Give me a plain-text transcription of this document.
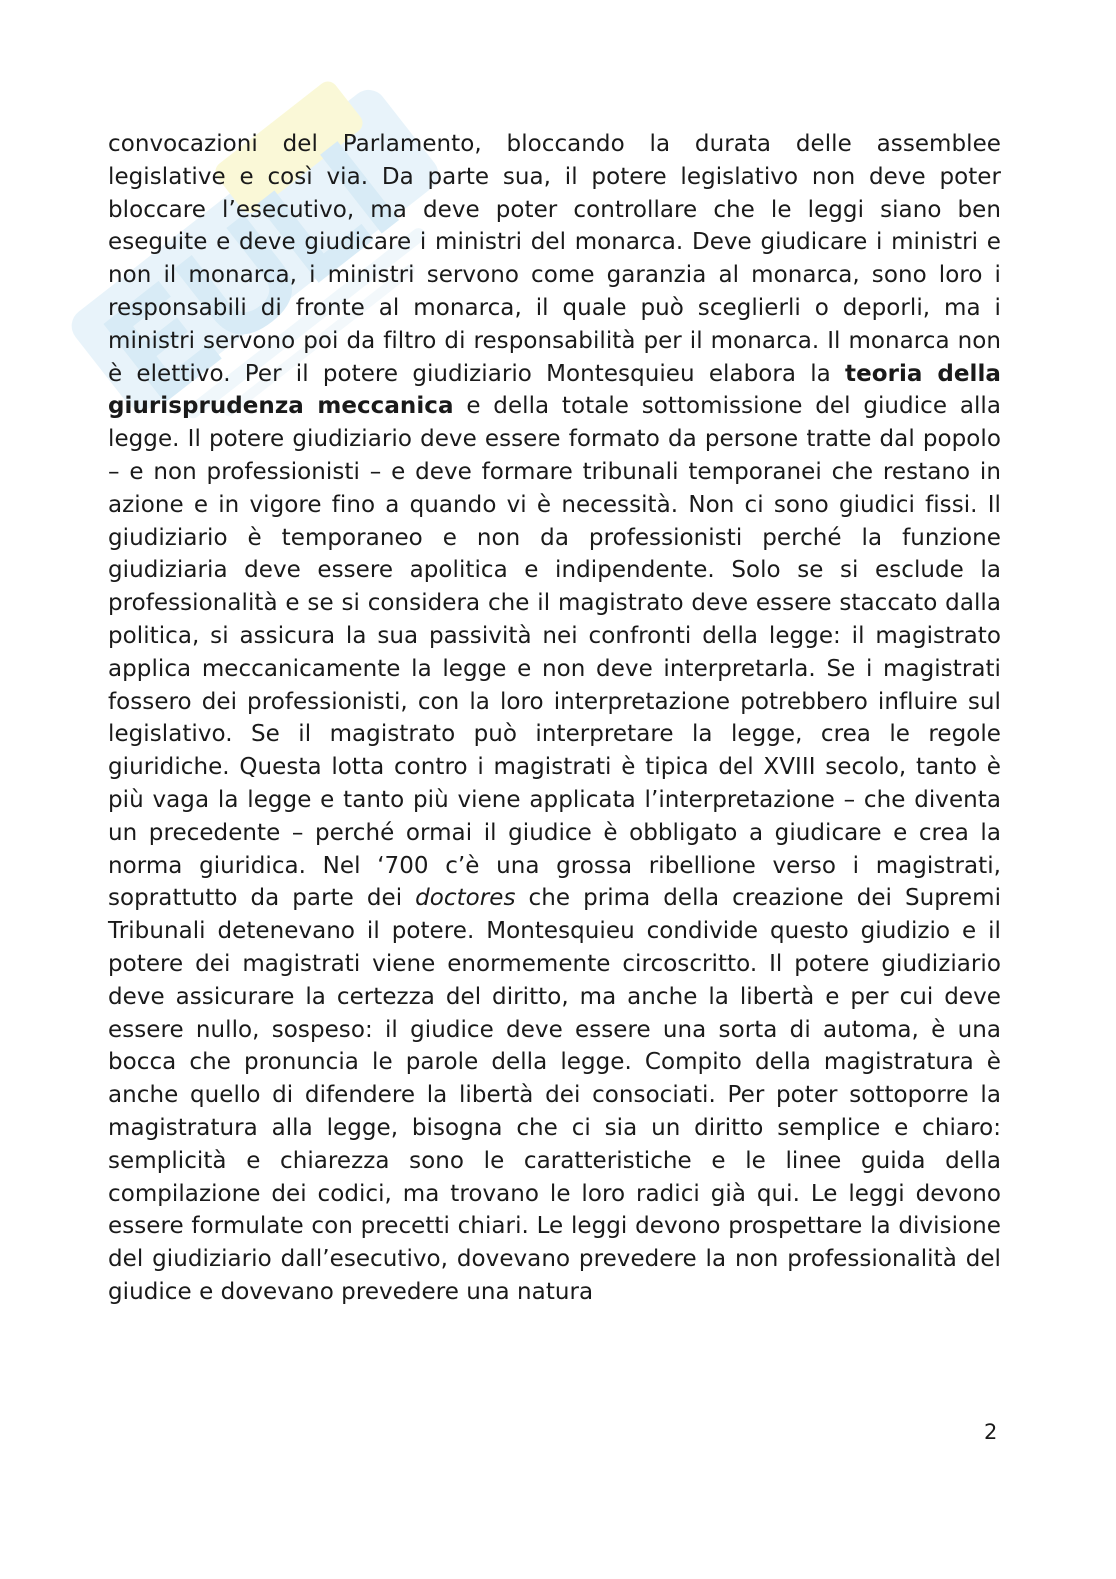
convocazioni del Parlamento, bloccando la durata delle assemblee legislative e così via. Da parte sua, il potere legislativo non deve poter bloccare l’esecutivo, ma deve poter controllare che le leggi siano ben eseguite e deve giudicare i ministri del monarca. Deve giudicare i ministri e non il monarca, i ministri servono come garanzia al monarca, sono loro i responsabili di fronte al monarca, il quale può sceglierli o deporli, ma i ministri servono poi da filtro di responsabilità per il monarca. Il monarca non è elettivo. Per il potere giudiziario Montesquieu elabora la teoria della giurisprudenza meccanica e della totale sottomissione del giudice alla legge. Il potere giudiziario deve essere formato da persone tratte dal popolo – e non professionisti – e deve formare tribunali temporanei che restano in azione e in vigore fino a quando vi è necessità. Non ci sono giudici fissi. Il giudiziario è temporaneo e non da professionisti perché la funzione giudiziaria deve essere apolitica e indipendente. Solo se si esclude la professionalità e se si considera che il magistrato deve essere staccato dalla politica, si assicura la sua passività nei confronti della legge: il magistrato applica meccanicamente la legge e non deve interpretarla. Se i magistrati fossero dei professionisti, con la loro interpretazione potrebbero influire sul legislativo. Se il magistrato può interpretare la legge, crea le regole giuridiche. Questa lotta contro i magistrati è tipica del XVIII secolo, tanto è più vaga la legge e tanto più viene applicata l’interpretazione – che diventa un precedente – perché ormai il giudice è obbligato a giudicare e crea la norma giuridica. Nel ‘700 c’è una grossa ribellione verso i magistrati, soprattutto da parte dei doctores che prima della creazione dei Supremi Tribunali detenevano il potere. Montesquieu condivide questo giudizio e il potere dei magistrati viene enormemente circoscritto. Il potere giudiziario deve assicurare la certezza del diritto, ma anche la libertà e per cui deve essere nullo, sospeso: il giudice deve essere una sorta di automa, è una bocca che pronuncia le parole della legge. Compito della magistratura è anche quello di difendere la libertà dei consociati. Per poter sottoporre la magistratura alla legge, bisogna che ci sia un diritto semplice e chiaro: semplicità e chiarezza sono le caratteristiche e le linee guida della compilazione dei codici, ma trovano le loro radici già qui. Le leggi devono essere formulate con precetti chiari. Le leggi devono prospettare la divisione del giudiziario dall’esecutivo, dovevano prevedere la non professionalità del giudice e dovevano prevedere una natura

2
